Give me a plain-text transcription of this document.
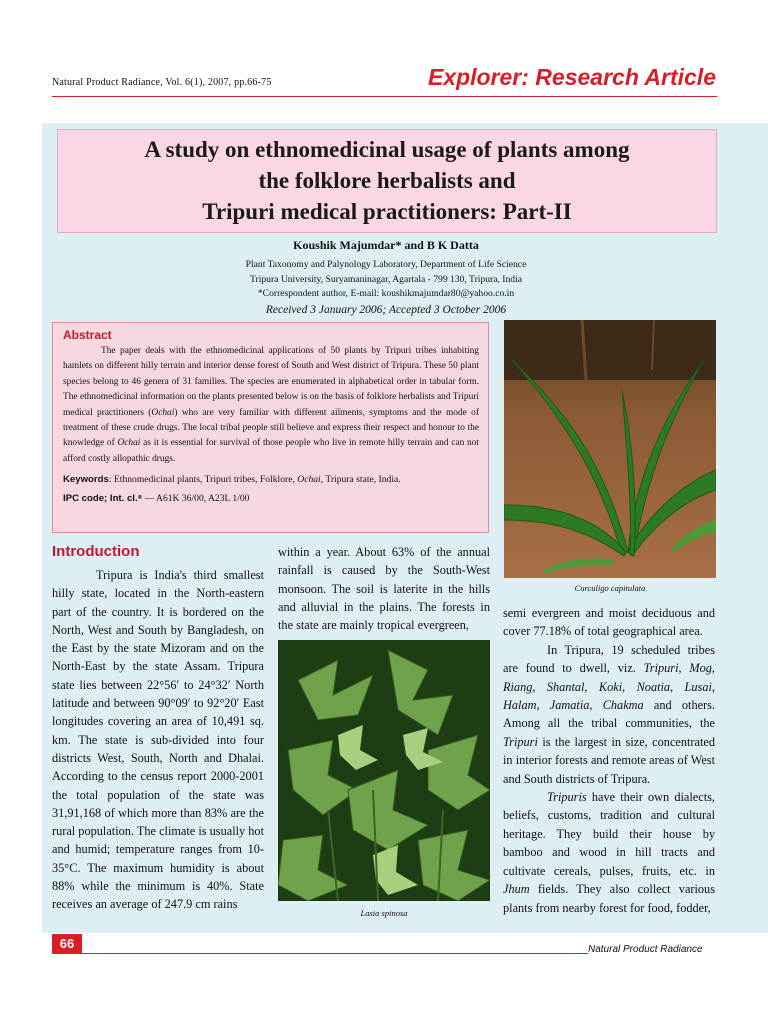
Natural Product Radiance, Vol. 6(1), 2007, pp.66-75	Explorer: Research Article
A study on ethnomedicinal usage of plants among
the folklore herbalists and
Tripuri medical practitioners: Part-II
Koushik Majumdar* and B K Datta
Plant Taxonomy and Palynology Laboratory, Department of Life Science
Tripura University, Suryamaninagar, Agartala - 799 130, Tripura, India
*Correspondent author, E-mail: koushikmajumdar80@yahoo.co.in
Received 3 January 2006; Accepted 3 October 2006
Abstract
The paper deals with the ethnomedicinal applications of 50 plants by Tripuri tribes inhabiting hamlets on different hilly terrain and interior dense forest of South and West district of Tripura. These 50 plant species belong to 46 genera of 31 families. The species are enumerated in alphabetical order in tabular form. The ethnomedicinal information on the plants presented below is on the basis of folklore herbalists and Tripuri medical practitioners (Ochai) who are very familiar with different ailments, symptoms and the mode of treatment of these crude drugs. The local tribal people still believe and express their respect and honour to the knowledge of Ochai as it is essential for survival of those people who live in remote hilly terrain and can not afford costly allopathic drugs.
Keywords: Ethnomedicinal plants, Tripuri tribes, Folklore, Ochai, Tripura state, India.
IPC code; Int. cl.⁸ — A61K 36/00, A23L 1/00
Curculigo capitulata
Introduction

Tripura is India's third smallest hilly state, located in the North-eastern part of the country. It is bordered on the North, West and South by Bangladesh, on the East by the state Mizoram and on the North-East by the state Assam. Tripura state lies between 22°56′ to 24°32′ North latitude and between 90°09′ to 92°20′ East longitudes covering an area of 10,491 sq. km. The state is sub-divided into four districts West, South, North and Dhalai. According to the census report 2000-2001 the total population of the state was 31,91,168 of which more than 83% are the rural population. The climate is usually hot and humid; temperature ranges from 10-35°C. The maximum humidity is about 88% while the minimum is 40%. State receives an average of 247.9 cm rains

within a year. About 63% of the annual rainfall is caused by the South-West monsoon. The soil is laterite in the hills and alluvial in the plains. The forests in the state are mainly tropical evergreen,
Lasia spinosa

semi evergreen and moist deciduous and cover 77.18% of total geographical area.

In Tripura, 19 scheduled tribes are found to dwell, viz. Tripuri, Mog, Riang, Shantal, Koki, Noatia, Lusai, Halam, Jamatia, Chakma and others. Among all the tribal communities, the Tripuri is the largest in size, concentrated in interior forests and remote areas of West and South districts of Tripura.

Tripuris have their own dialects, beliefs, customs, tradition and cultural heritage. They build their house by bamboo and wood in hill tracts and cultivate cereals, pulses, fruits, etc. in Jhum fields. They also collect various plants from nearby forest for food, fodder,

66	Natural Product Radiance
